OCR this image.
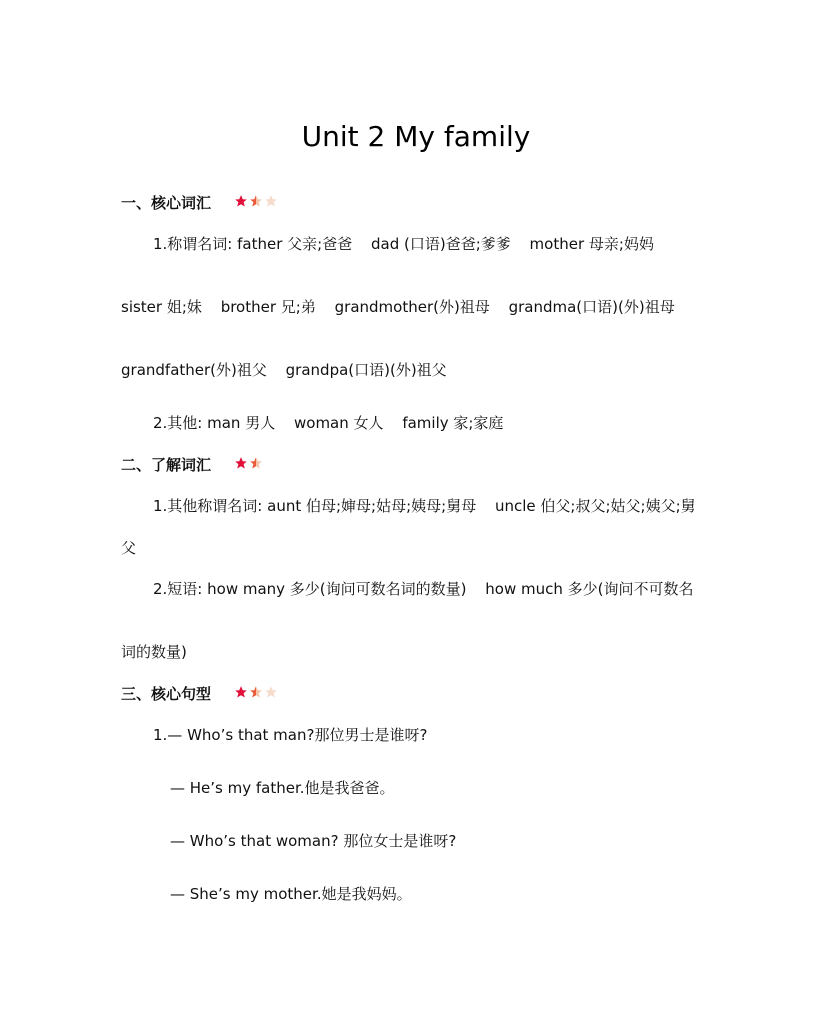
Unit 2 My family
一、核心词汇
1.称谓名词: father 父亲;爸爸 dad (口语)爸爸;爹爹 mother 母亲;妈妈
sister 姐;妹 brother 兄;弟 grandmother(外)祖母 grandma(口语)(外)祖母
grandfather(外)祖父 grandpa(口语)(外)祖父
2.其他: man 男人 woman 女人 family 家;家庭
二、了解词汇
1.其他称谓名词: aunt 伯母;婶母;姑母;姨母;舅母 uncle 伯父;叔父;姑父;姨父;舅
父
2.短语: how many 多少(询问可数名词的数量) how much 多少(询问不可数名
词的数量)
三、核心句型
1.— Who’s that man?那位男士是谁呀?
— He’s my father.他是我爸爸。
— Who’s that woman? 那位女士是谁呀?
— She’s my mother.她是我妈妈。
